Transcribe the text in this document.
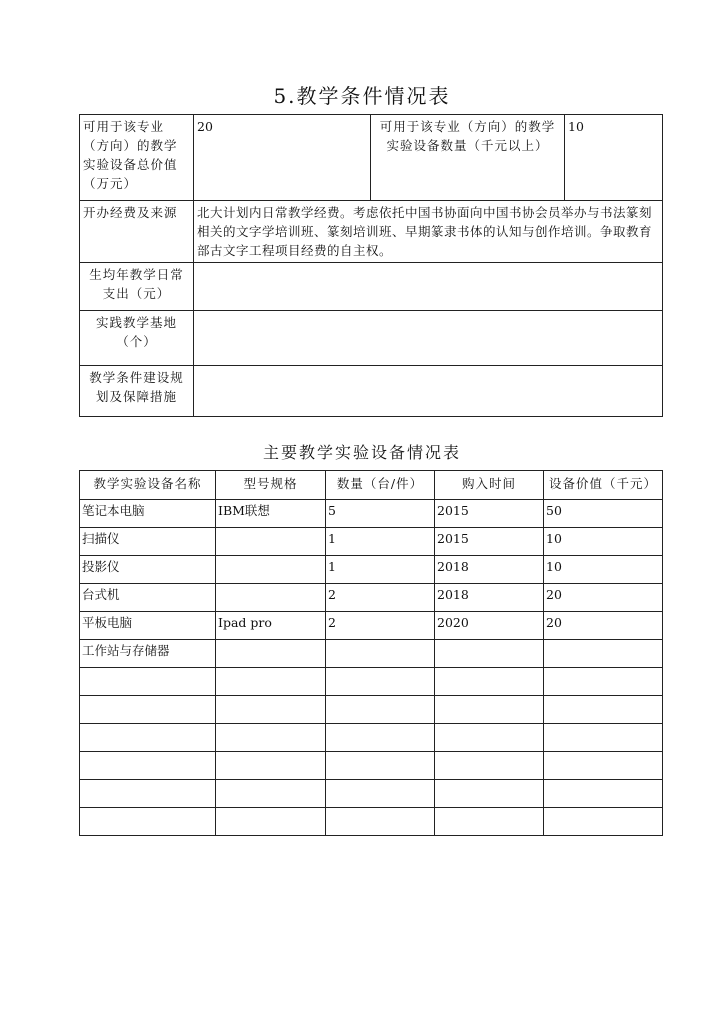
5.教学条件情况表
可用于该专业（方向）的教学实验设备总价值（万元）	20	可用于该专业（方向）的教学实验设备数量（千元以上）	10
开办经费及来源	北大计划内日常教学经费。考虑依托中国书协面向中国书协会员举办与书法篆刻相关的文字学培训班、篆刻培训班、早期篆隶书体的认知与创作培训。争取教育部古文字工程项目经费的自主权。		
生均年教学日常支出（元）			
实践教学基地（个）			
教学条件建设规划及保障措施			
主要教学实验设备情况表
教学实验设备名称	型号规格	数量（台/件）	购入时间	设备价值（千元）
笔记本电脑	IBM联想	5	2015	50
扫描仪		1	2015	10
投影仪		1	2018	10
台式机		2	2018	20
平板电脑	Ipad pro	2	2020	20
工作站与存储器				
